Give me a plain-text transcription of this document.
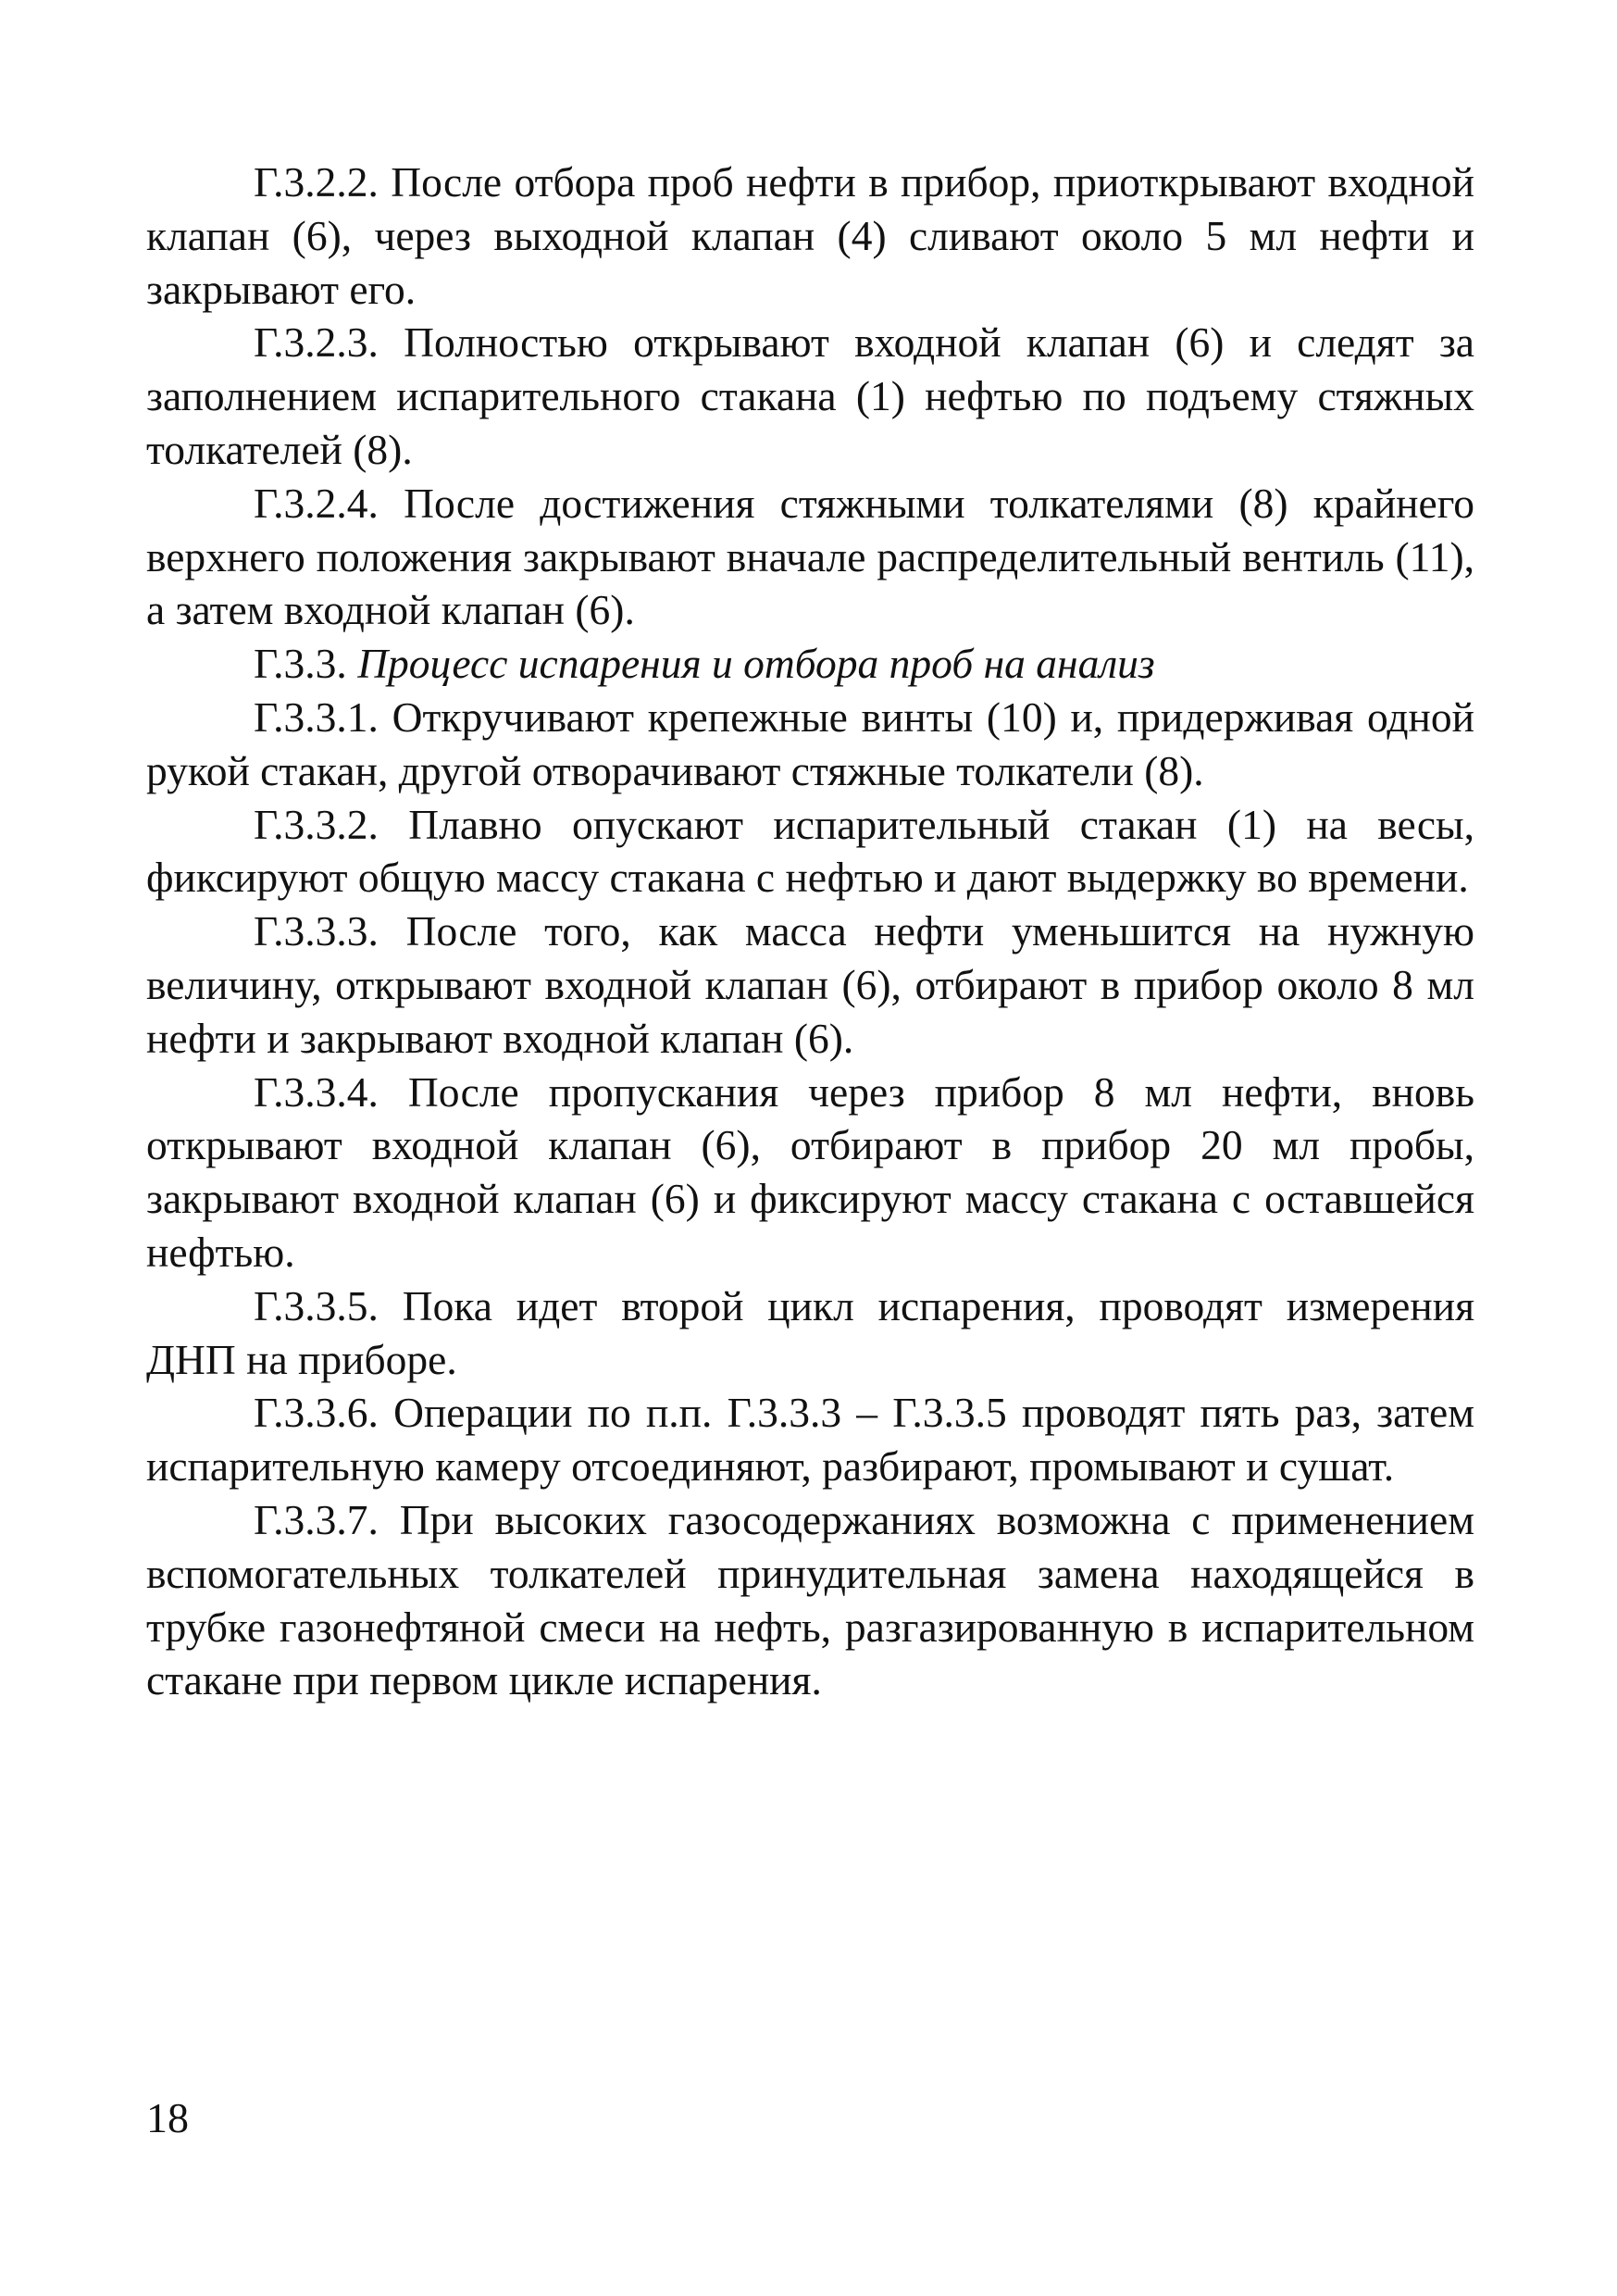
Г.3.2.2. После отбора проб нефти в прибор, приоткрывают входной клапан (6), через выходной клапан (4) сливают около 5 мл нефти и закрывают его.

Г.3.2.3. Полностью открывают входной клапан (6) и следят за заполнением испарительного стакана (1) нефтью по подъему стяжных толкателей (8).

Г.3.2.4. После достижения стяжными толкателями (8) крайнего верхнего положения закрывают вначале распределительный вентиль (11), а затем входной клапан (6).

Г.3.3. Процесс испарения и отбора проб на анализ

Г.3.3.1. Откручивают крепежные винты (10) и, придерживая одной рукой стакан, другой отворачивают стяжные толкатели (8).

Г.3.3.2. Плавно опускают испарительный стакан (1) на весы, фиксируют общую массу стакана с нефтью и дают выдержку во времени.

Г.3.3.3. После того, как масса нефти уменьшится на нужную величину, открывают входной клапан (6), отбирают в прибор около 8 мл нефти и закрывают входной клапан (6).

Г.3.3.4. После пропускания через прибор 8 мл нефти, вновь открывают входной клапан (6), отбирают в прибор 20 мл пробы, закрывают входной клапан (6) и фиксируют массу стакана с оставшейся нефтью.

Г.3.3.5. Пока идет второй цикл испарения, проводят измерения ДНП на приборе.

Г.3.3.6. Операции по п.п. Г.3.3.3 – Г.3.3.5 проводят пять раз, затем испарительную камеру отсоединяют, разбирают, промывают и сушат.

Г.3.3.7. При высоких газосодержаниях возможна с применением вспомогательных толкателей принудительная замена находящейся в трубке газонефтяной смеси на нефть, разгазированную в испарительном стакане при первом цикле испарения.

18
